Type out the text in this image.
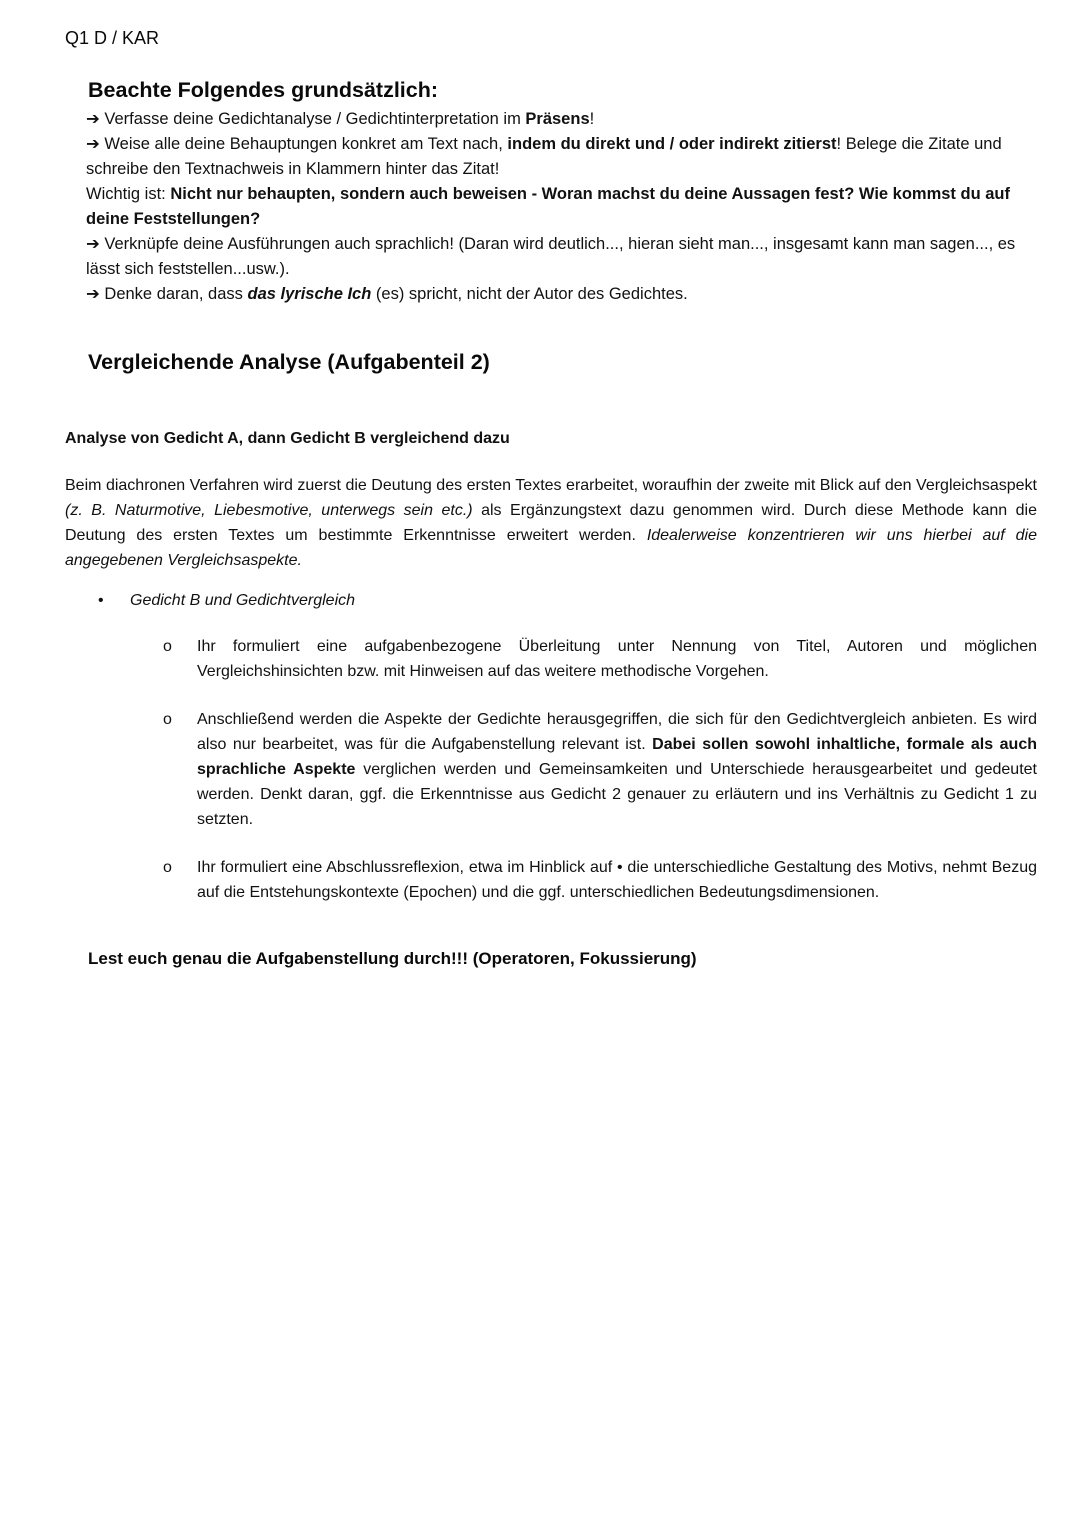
Q1 D / KAR
Beachte Folgendes grundsätzlich:

➔ Verfasse deine Gedichtanalyse / Gedichtinterpretation im Präsens!

➔ Weise alle deine Behauptungen konkret am Text nach, indem du direkt und / oder indirekt zitierst! Belege die Zitate und schreibe den Textnachweis in Klammern hinter das Zitat!

Wichtig ist: Nicht nur behaupten, sondern auch beweisen - Woran machst du deine Aussagen fest? Wie kommst du auf deine Feststellungen?

➔ Verknüpfe deine Ausführungen auch sprachlich! (Daran wird deutlich..., hieran sieht man..., insgesamt kann man sagen..., es lässt sich feststellen...usw.).

➔ Denke daran, dass das lyrische Ich (es) spricht, nicht der Autor des Gedichtes.

Vergleichende Analyse (Aufgabenteil 2)
Analyse von Gedicht A, dann Gedicht B vergleichend dazu

Beim diachronen Verfahren wird zuerst die Deutung des ersten Textes erarbeitet, woraufhin der zweite mit Blick auf den Vergleichsaspekt (z. B. Naturmotive, Liebesmotive, unterwegs sein etc.) als Ergänzungstext dazu genommen wird. Durch diese Methode kann die Deutung des ersten Textes um bestimmte Erkenntnisse erweitert werden. Idealerweise konzentrieren wir uns hierbei auf die angegebenen Vergleichsaspekte.

•	Gedicht B und Gedichtvergleich
o	Ihr formuliert eine aufgabenbezogene Überleitung unter Nennung von Titel, Autoren und möglichen Vergleichshinsichten bzw. mit Hinweisen auf das weitere methodische Vorgehen.
o	Anschließend werden die Aspekte der Gedichte herausgegriffen, die sich für den Gedichtvergleich anbieten. Es wird also nur bearbeitet, was für die Aufgabenstellung relevant ist. Dabei sollen sowohl inhaltliche, formale als auch sprachliche Aspekte verglichen werden und Gemeinsamkeiten und Unterschiede herausgearbeitet und gedeutet werden. Denkt daran, ggf. die Erkenntnisse aus Gedicht 2 genauer zu erläutern und ins Verhältnis zu Gedicht 1 zu setzten.
o	Ihr formuliert eine Abschlussreflexion, etwa im Hinblick auf • die unterschiedliche Gestaltung des Motivs, nehmt Bezug auf die Entstehungskontexte (Epochen) und die ggf. unterschiedlichen Bedeutungsdimensionen.
Lest euch genau die Aufgabenstellung durch!!! (Operatoren, Fokussierung)
